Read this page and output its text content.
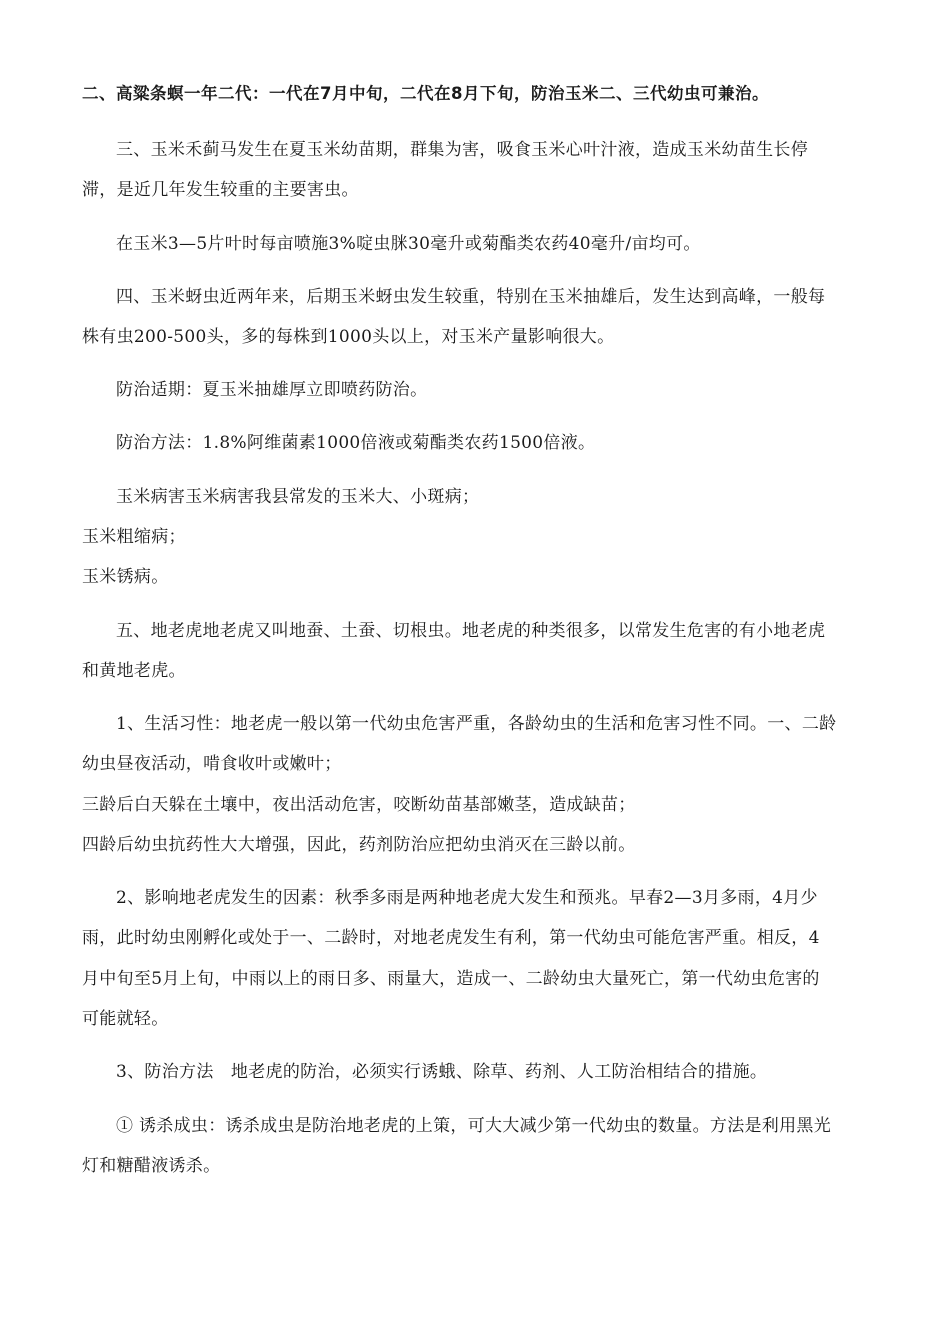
二、高粱条螟一年二代：一代在7月中旬，二代在8月下旬，防治玉米二、三代幼虫可兼治。
三、玉米禾蓟马发生在夏玉米幼苗期，群集为害，吸食玉米心叶汁液，造成玉米幼苗生长停
滞，是近几年发生较重的主要害虫。
在玉米3—5片叶时每亩喷施3%啶虫脒30毫升或菊酯类农药40毫升/亩均可。
四、玉米蚜虫近两年来，后期玉米蚜虫发生较重，特别在玉米抽雄后，发生达到高峰，一般每
株有虫200-500头，多的每株到1000头以上，对玉米产量影响很大。
防治适期：夏玉米抽雄厚立即喷药防治。
防治方法：1.8%阿维菌素1000倍液或菊酯类农药1500倍液。
玉米病害玉米病害我县常发的玉米大、小斑病；
玉米粗缩病；
玉米锈病。
五、地老虎地老虎又叫地蚕、土蚕、切根虫。地老虎的种类很多，以常发生危害的有小地老虎
和黄地老虎。
1、生活习性：地老虎一般以第一代幼虫危害严重，各龄幼虫的生活和危害习性不同。一、二龄
幼虫昼夜活动，啃食收叶或嫩叶；
三龄后白天躲在土壤中，夜出活动危害，咬断幼苗基部嫩茎，造成缺苗；
四龄后幼虫抗药性大大增强，因此，药剂防治应把幼虫消灭在三龄以前。
2、影响地老虎发生的因素：秋季多雨是两种地老虎大发生和预兆。早春2—3月多雨，4月少
雨，此时幼虫刚孵化或处于一、二龄时，对地老虎发生有利，第一代幼虫可能危害严重。相反，4
月中旬至5月上旬，中雨以上的雨日多、雨量大，造成一、二龄幼虫大量死亡，第一代幼虫危害的
可能就轻。
3、防治方法　地老虎的防治，必须实行诱蛾、除草、药剂、人工防治相结合的措施。
① 诱杀成虫：诱杀成虫是防治地老虎的上策，可大大减少第一代幼虫的数量。方法是利用黑光
灯和糖醋液诱杀。
